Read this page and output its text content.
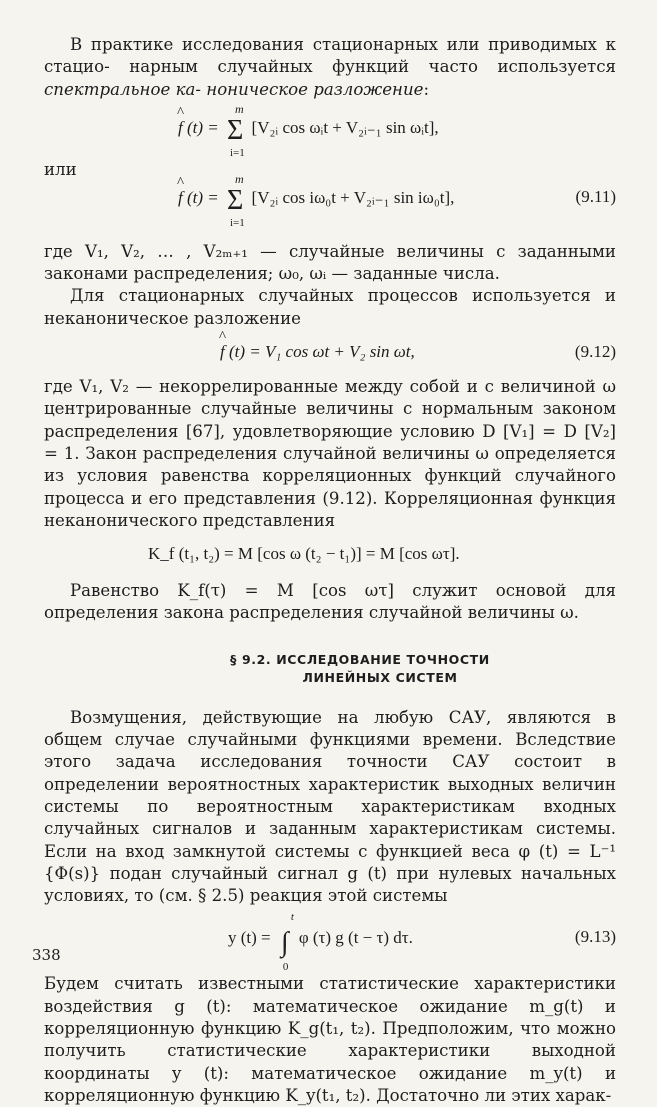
В практике исследования стационарных или приводимых к стацио- нарным случайных функций часто используется спектральное ка- ноническое разложение:

^ f (t) = Σ
m
i=1
[V₂ᵢ cos ωᵢt + V₂ᵢ₋₁ sin ωᵢt],

или

^ f (t) = Σ
m
i=1
[V₂ᵢ cos iω₀t + V₂ᵢ₋₁ sin iω₀t],	(9.11)

где V₁, V₂, … , V₂ₘ₊₁ — случайные величины с заданными законами распределения; ω₀, ωᵢ — заданные числа.

Для стационарных случайных процессов используется и неканоническое разложение

^ f (t) = V₁ cos ωt + V₂ sin ωt,	(9.12)

где V₁, V₂ — некоррелированные между собой и с величиной ω центрированные случайные величины с нормальным законом распределения [67], удовлетворяющие условию D [V₁] = D [V₂] = 1. Закон распределения случайной величины ω определяется из условия равенства корреляционных функций случайного процесса и его представления (9.12). Корреляционная функция неканонического представления

K_f (t₁, t₂) = M [cos ω (t₂ − t₁)] = M [cos ωτ].

Равенство K_f(τ) = M [cos ωτ] служит основой для определения закона распределения случайной величины ω.

§ 9.2. ИССЛЕДОВАНИЕ ТОЧНОСТИ
ЛИНЕЙНЫХ СИСТЕМ

Возмущения, действующие на любую САУ, являются в общем случае случайными функциями времени. Вследствие этого задача исследования точности САУ состоит в определении вероятностных характеристик выходных величин системы по вероятностным характеристикам входных случайных сигналов и заданным характеристикам системы. Если на вход замкнутой системы с функцией веса φ (t) = L⁻¹ {Φ(s)} подан случайный сигнал g (t) при нулевых начальных условиях, то (см. § 2.5) реакция этой системы

y (t) = ∫
t
0
φ (τ) g (t − τ) dτ.	(9.13)

Будем считать известными статистические характеристики воздействия g (t): математическое ожидание m_g(t) и корреляционную функцию K_g(t₁, t₂). Предположим, что можно получить статистические характеристики выходной координаты y (t): математическое ожидание m_y(t) и корреляционную функцию K_y(t₁, t₂). Достаточно ли этих харак-

338
